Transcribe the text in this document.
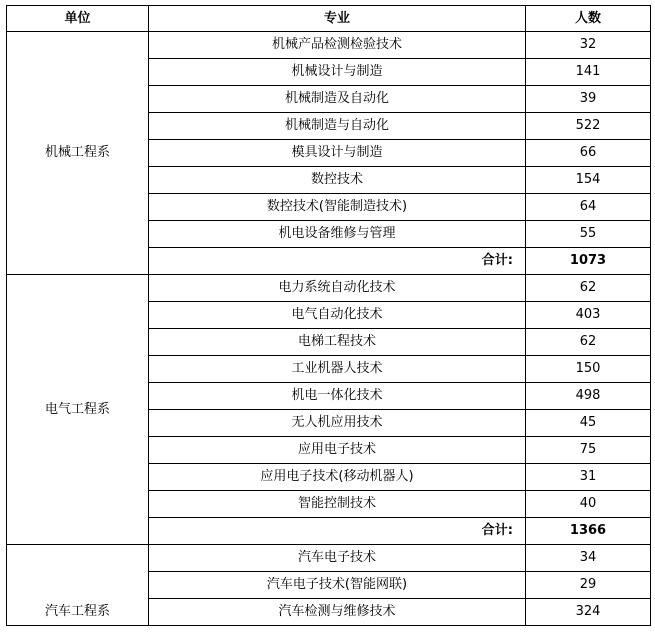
单位	专业	人数
机械工程系	机械产品检测检验技术	32
	机械设计与制造	141
	机械制造及自动化	39
	机械制造与自动化	522
	模具设计与制造	66
	数控技术	154
	数控技术(智能制造技术)	64
	机电设备维修与管理	55
	合计:	1073
电气工程系	电力系统自动化技术	62
	电气自动化技术	403
	电梯工程技术	62
	工业机器人技术	150
	机电一体化技术	498
	无人机应用技术	45
	应用电子技术	75
	应用电子技术(移动机器人)	31
	智能控制技术	40
	合计:	1366
汽车工程系	汽车电子技术	34
	汽车电子技术(智能网联)	29
	汽车检测与维修技术	324
